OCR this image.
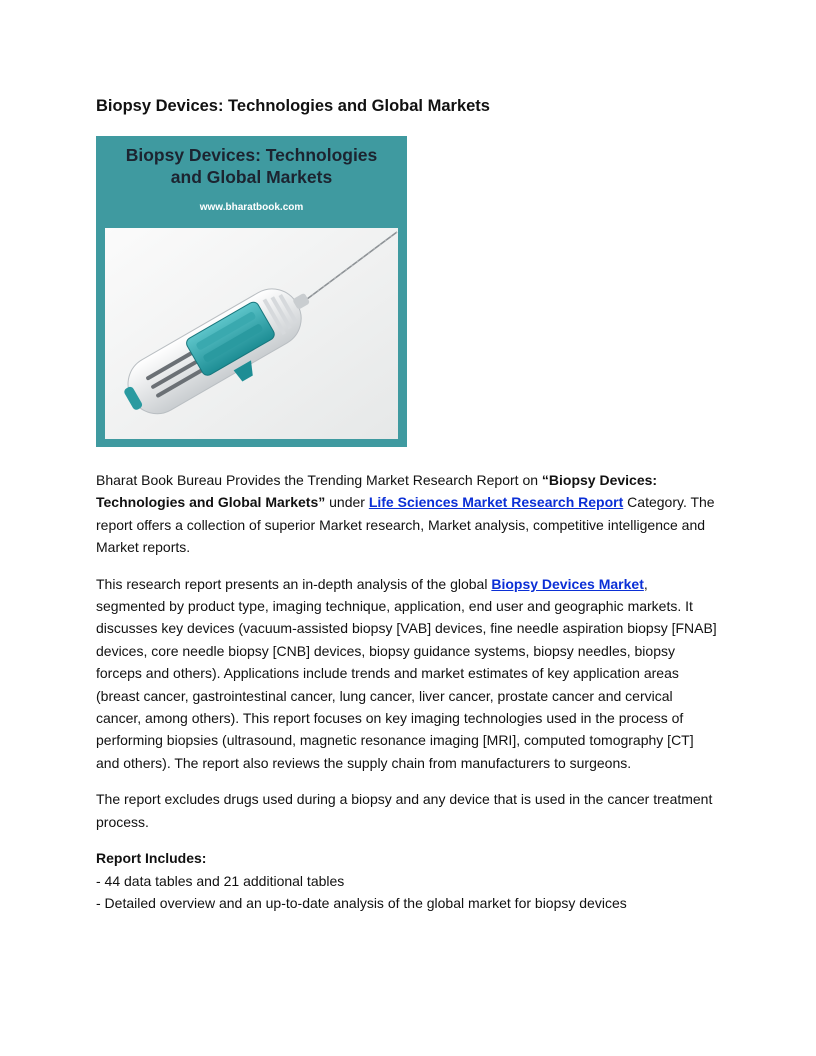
Biopsy Devices: Technologies and Global Markets
Biopsy Devices: Technologies
and Global Markets
www.bharatbook.com

Bharat Book Bureau Provides the Trending Market Research Report on “Biopsy Devices: Technologies and Global Markets” under Life Sciences Market Research Report Category. The report offers a collection of superior Market research, Market analysis, competitive intelligence and Market reports.

This research report presents an in-depth analysis of the global Biopsy Devices Market, segmented by product type, imaging technique, application, end user and geographic markets. It discusses key devices (vacuum-assisted biopsy [VAB] devices, fine needle aspiration biopsy [FNAB] devices, core needle biopsy [CNB] devices, biopsy guidance systems, biopsy needles, biopsy forceps and others). Applications include trends and market estimates of key application areas (breast cancer, gastrointestinal cancer, lung cancer, liver cancer, prostate cancer and cervical cancer, among others). This report focuses on key imaging technologies used in the process of performing biopsies (ultrasound, magnetic resonance imaging [MRI], computed tomography [CT] and others). The report also reviews the supply chain from manufacturers to surgeons.

The report excludes drugs used during a biopsy and any device that is used in the cancer treatment process.

Report Includes:
- 44 data tables and 21 additional tables
- Detailed overview and an up-to-date analysis of the global market for biopsy devices
